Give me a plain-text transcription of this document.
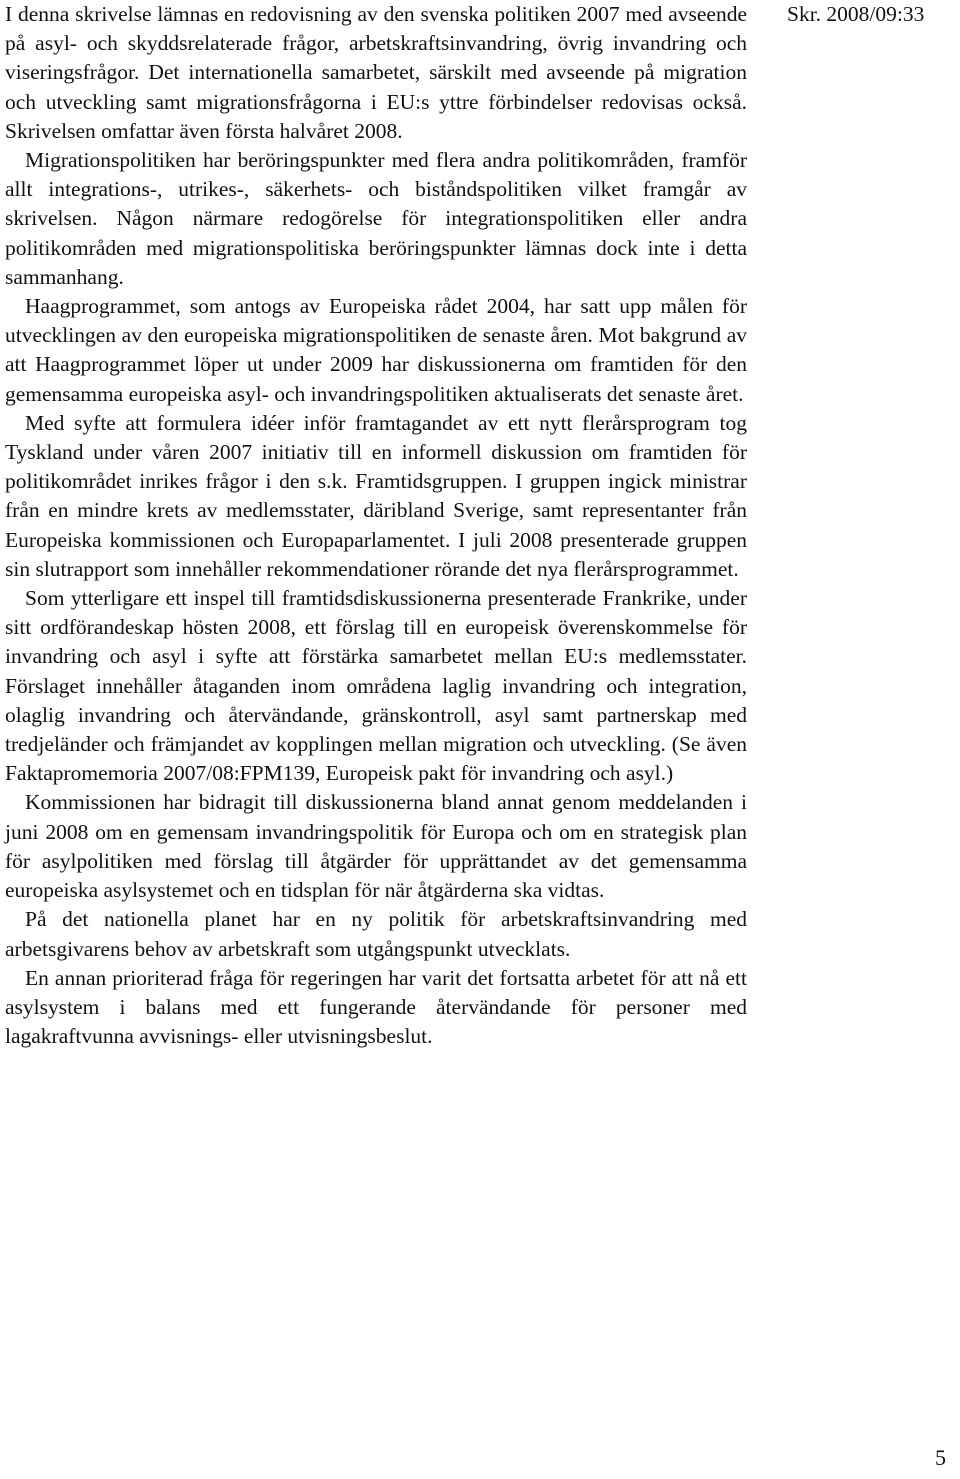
I denna skrivelse lämnas en redovisning av den svenska politiken 2007 med avseende på asyl- och skyddsrelaterade frågor, arbetskraftsinvandring, övrig invandring och viseringsfrågor. Det internationella samarbetet, särskilt med avseende på migration och utveckling samt migrationsfrågorna i EU:s yttre förbindelser redovisas också. Skrivelsen omfattar även första halvåret 2008.

Migrationspolitiken har beröringspunkter med flera andra politikområden, framför allt integrations-, utrikes-, säkerhets- och biståndspolitiken vilket framgår av skrivelsen. Någon närmare redogörelse för integrationspolitiken eller andra politikområden med migrationspolitiska beröringspunkter lämnas dock inte i detta sammanhang.

Haagprogrammet, som antogs av Europeiska rådet 2004, har satt upp målen för utvecklingen av den europeiska migrationspolitiken de senaste åren. Mot bakgrund av att Haagprogrammet löper ut under 2009 har diskussionerna om framtiden för den gemensamma europeiska asyl- och invandringspolitiken aktualiserats det senaste året.

Med syfte att formulera idéer inför framtagandet av ett nytt flerårsprogram tog Tyskland under våren 2007 initiativ till en informell diskussion om framtiden för politikområdet inrikes frågor i den s.k. Framtidsgruppen. I gruppen ingick ministrar från en mindre krets av medlemsstater, däribland Sverige, samt representanter från Europeiska kommissionen och Europaparlamentet. I juli 2008 presenterade gruppen sin slutrapport som innehåller rekommendationer rörande det nya flerårsprogrammet.

Som ytterligare ett inspel till framtidsdiskussionerna presenterade Frankrike, under sitt ordförandeskap hösten 2008, ett förslag till en europeisk överenskommelse för invandring och asyl i syfte att förstärka samarbetet mellan EU:s medlemsstater. Förslaget innehåller åtaganden inom områdena laglig invandring och integration, olaglig invandring och återvändande, gränskontroll, asyl samt partnerskap med tredjeländer och främjandet av kopplingen mellan migration och utveckling. (Se även Faktapromemoria 2007/08:FPM139, Europeisk pakt för invandring och asyl.)

Kommissionen har bidragit till diskussionerna bland annat genom meddelanden i juni 2008 om en gemensam invandringspolitik för Europa och om en strategisk plan för asylpolitiken med förslag till åtgärder för upprättandet av det gemensamma europeiska asylsystemet och en tidsplan för när åtgärderna ska vidtas.

På det nationella planet har en ny politik för arbetskraftsinvandring med arbetsgivarens behov av arbetskraft som utgångspunkt utvecklats.

En annan prioriterad fråga för regeringen har varit det fortsatta arbetet för att nå ett asylsystem i balans med ett fungerande återvändande för personer med lagakraftvunna avvisnings- eller utvisningsbeslut.

Skr. 2008/09:33
5
